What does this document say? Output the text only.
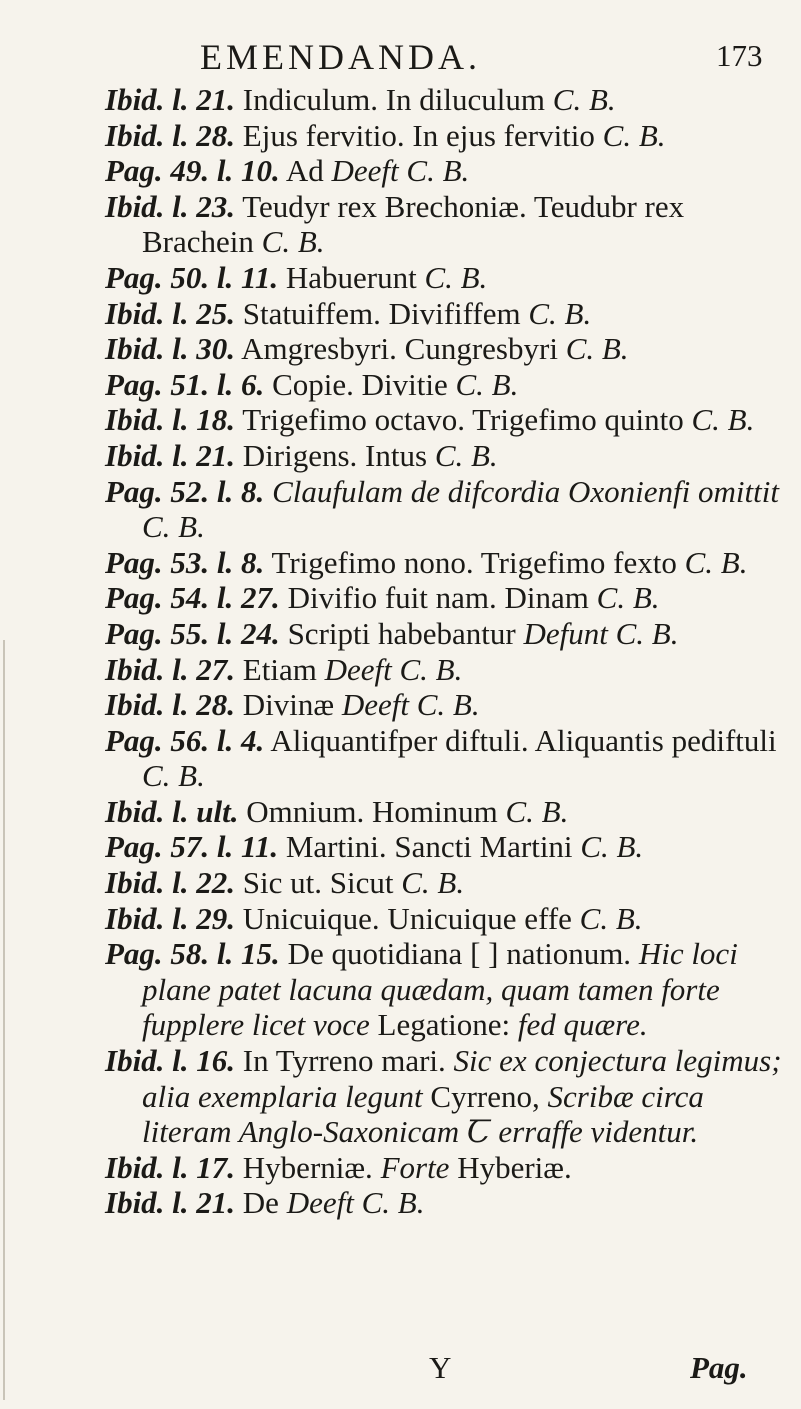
EMENDANDA.	173
Ibid. l. 21. Indiculum. In diluculum C. B.
Ibid. l. 28. Ejus fervitio. In ejus fervitio C. B.
Pag. 49. l. 10. Ad Deeft C. B.
Ibid. l. 23. Teudyr rex Brechoniæ. Teudubr rex Brachein C. B.
Pag. 50. l. 11. Habuerunt C. B.
Ibid. l. 25. Statuiffem. Divififfem C. B.
Ibid. l. 30. Amgresbyri. Cungresbyri C. B.
Pag. 51. l. 6. Copie. Divitie C. B.
Ibid. l. 18. Trigefimo octavo. Trigefimo quinto C. B.
Ibid. l. 21. Dirigens. Intus C. B.
Pag. 52. l. 8. Claufulam de difcordia Oxonienfi omittit C. B.
Pag. 53. l. 8. Trigefimo nono. Trigefimo fexto C. B.
Pag. 54. l. 27. Divifio fuit nam. Dinam C. B.
Pag. 55. l. 24. Scripti habebantur Defunt C. B.
Ibid. l. 27. Etiam Deeft C. B.
Ibid. l. 28. Divinæ Deeft C. B.
Pag. 56. l. 4. Aliquantifper diftuli. Aliquantis pediftuli C. B.
Ibid. l. ult. Omnium. Hominum C. B.
Pag. 57. l. 11. Martini. Sancti Martini C. B.
Ibid. l. 22. Sic ut. Sicut C. B.
Ibid. l. 29. Unicuique. Unicuique effe C. B.
Pag. 58. l. 15. De quotidiana [ ] nationum. Hic loci plane patet lacuna quædam, quam tamen forte fupplere licet voce Legatione: fed quære.
Ibid. l. 16. In Tyrreno mari. Sic ex conjectura legimus; alia exemplaria legunt Cyrreno, Scribæ circa literam Anglo-Saxonicam Ꞇ erraffe videntur.
Ibid. l. 17. Hyberniæ. Forte Hyberiæ.
Ibid. l. 21. De Deeft C. B.
Y	Pag.
